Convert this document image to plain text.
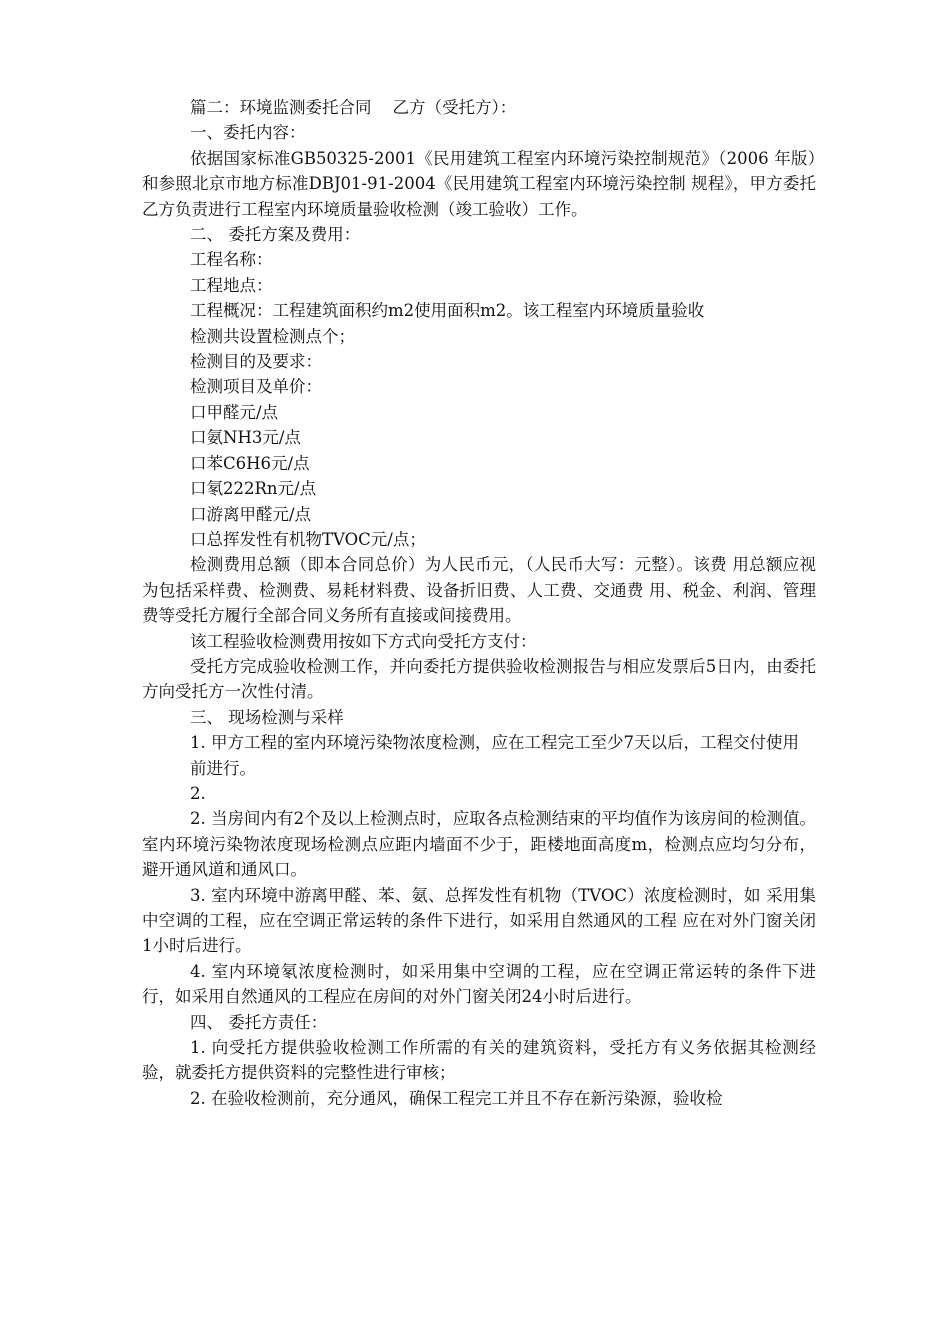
篇二：环境监测委托合同    乙方（受托方）：

一、委托内容：

依据国家标准GB50325-2001《民用建筑工程室内环境污染控制规范》（2006 年版）和参照北京市地方标准DBJ01-91-2004《民用建筑工程室内环境污染控制 规程》，甲方委托乙方负责进行工程室内环境质量验收检测（竣工验收）工作。

二、 委托方案及费用：

工程名称：

工程地点：

工程概况：工程建筑面积约m2使用面积m2。该工程室内环境质量验收

检测共设置检测点个；

检测目的及要求：

检测项目及单价：

口甲醛元/点

口氨NH3元/点

口苯C6H6元/点

口氡222Rn元/点

口游离甲醛元/点

口总挥发性有机物TVOC元/点；

检测费用总额（即本合同总价）为人民币元，（人民币大写：元整）。该费 用总额应视为包括采样费、检测费、易耗材料费、设备折旧费、人工费、交通费 用、税金、利润、管理费等受托方履行全部合同义务所有直接或间接费用。

该工程验收检测费用按如下方式向受托方支付：

受托方完成验收检测工作，并向委托方提供验收检测报告与相应发票后5日内，由委托方向受托方一次性付清。

三、 现场检测与采样

1. 甲方工程的室内环境污染物浓度检测，应在工程完工至少7天以后，工程交付使用

前进行。

2.

2. 当房间内有2个及以上检测点时，应取各点检测结束的平均值作为该房间的检测值。室内环境污染物浓度现场检测点应距内墙面不少于，距楼地面高度m，检测点应均匀分布，避开通风道和通风口。

3. 室内环境中游离甲醛、苯、氨、总挥发性有机物（TVOC）浓度检测时，如 采用集中空调的工程，应在空调正常运转的条件下进行，如采用自然通风的工程 应在对外门窗关闭1小时后进行。

4. 室内环境氡浓度检测时，如采用集中空调的工程，应在空调正常运转的条件下进行，如采用自然通风的工程应在房间的对外门窗关闭24小时后进行。

四、 委托方责任：

1. 向受托方提供验收检测工作所需的有关的建筑资料，受托方有义务依据其检测经验，就委托方提供资料的完整性进行审核；

2. 在验收检测前，充分通风，确保工程完工并且不存在新污染源，验收检
